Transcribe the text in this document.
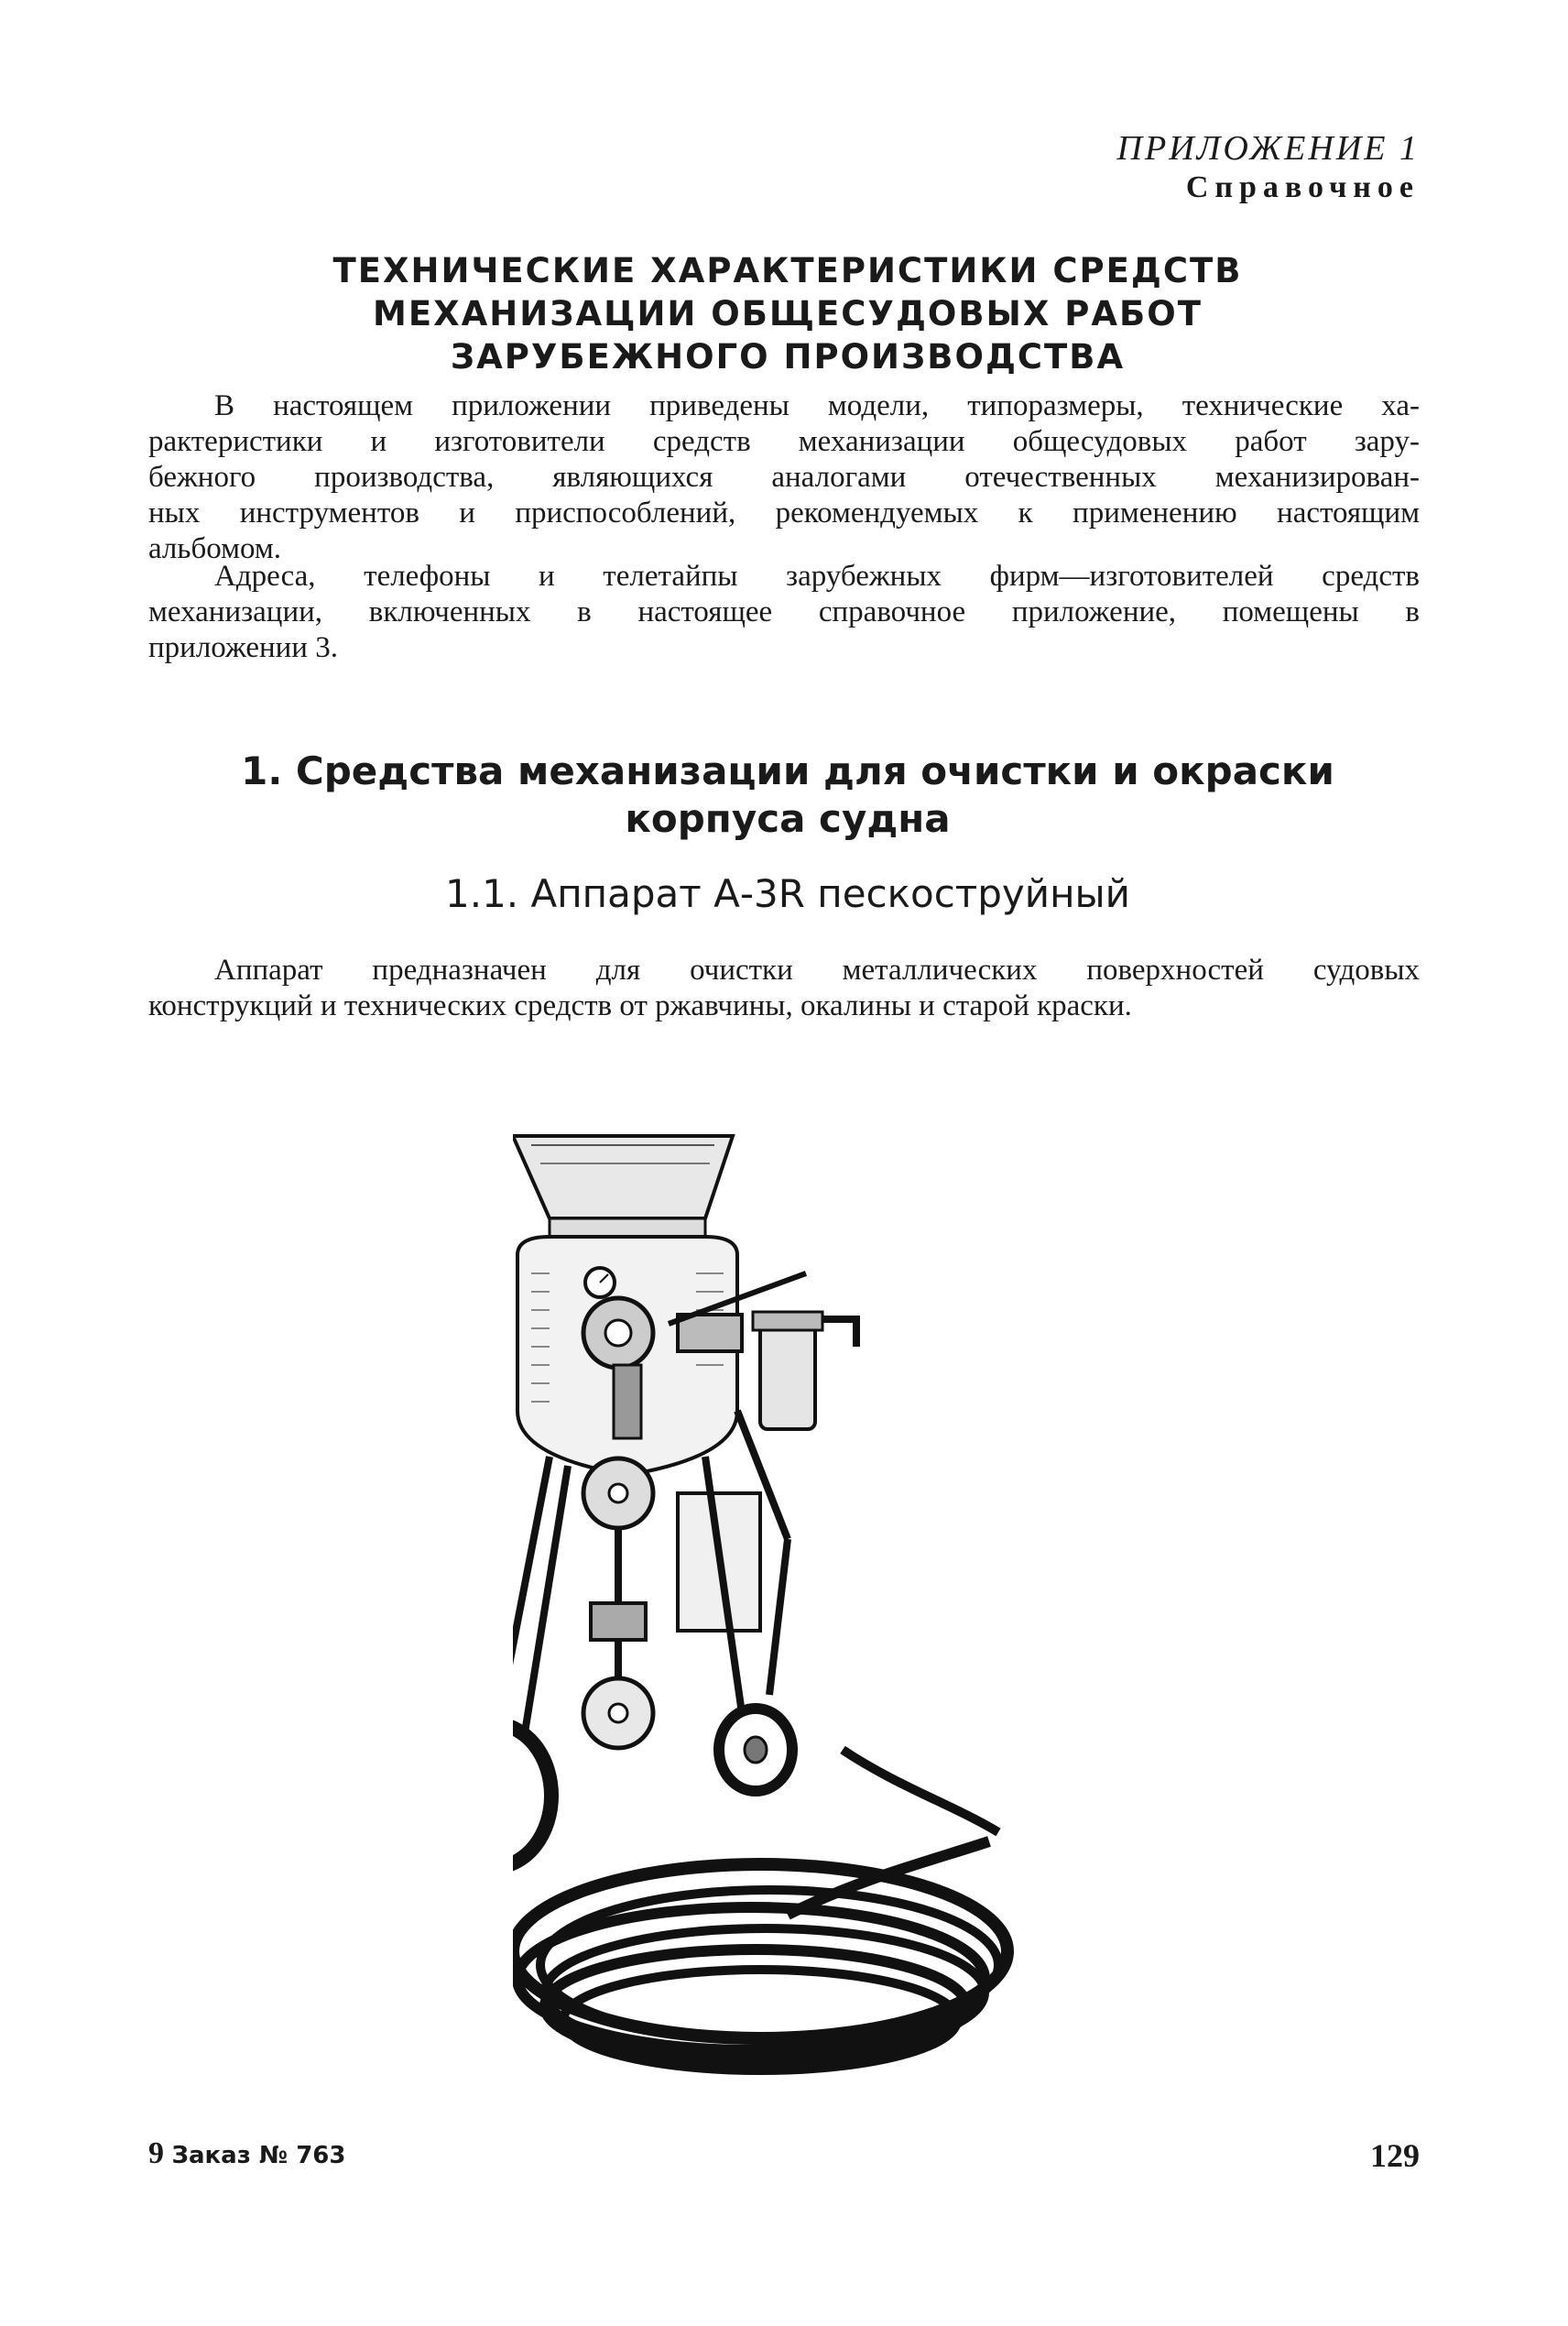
ПРИЛОЖЕНИЕ 1
Справочное
ТЕХНИЧЕСКИЕ ХАРАКТЕРИСТИКИ СРЕДСТВ
МЕХАНИЗАЦИИ ОБЩЕСУДОВЫХ РАБОТ
ЗАРУБЕЖНОГО ПРОИЗВОДСТВА
В настоящем приложении приведены модели, типоразмеры, технические ха-
рактеристики и изготовители средств механизации общесудовых работ зару-
бежного производства, являющихся аналогами отечественных механизирован-
ных инструментов и приспособлений, рекомендуемых к применению настоящим
альбомом.
Адреса, телефоны и телетайпы зарубежных фирм—изготовителей средств
механизации, включенных в настоящее справочное приложение, помещены в
приложении 3.
1. Средства механизации для очистки и окраски
корпуса судна
1.1. Аппарат А-3R пескоструйный
Аппарат предназначен для очистки металлических поверхностей судовых
конструкций и технических средств от ржавчины, окалины и старой краски.
9 Заказ № 763	129
